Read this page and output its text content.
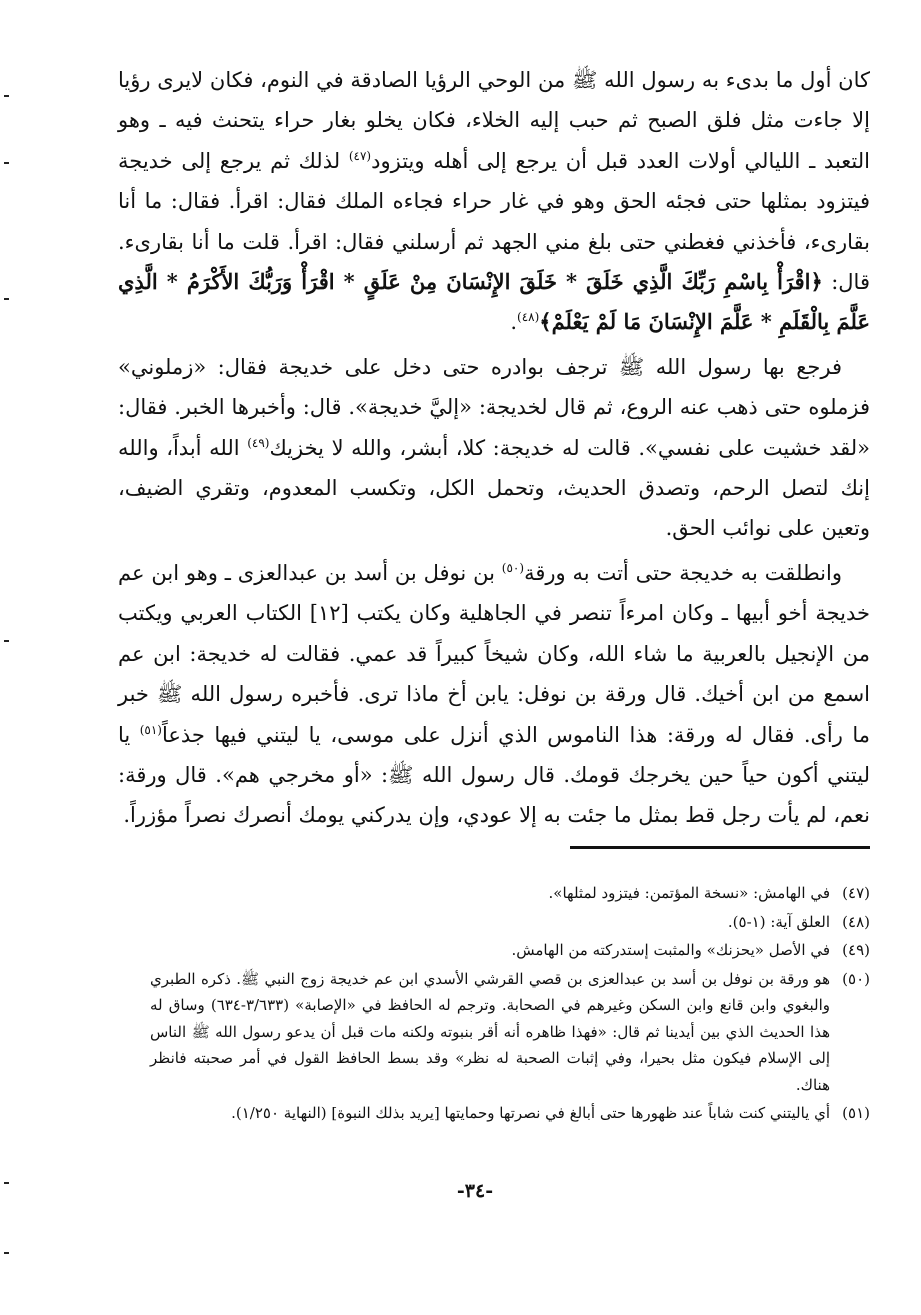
كان أول ما بدىء به رسول الله ﷺ من الوحي الرؤيا الصادقة في النوم، فكان لايرى رؤيا إلا جاءت مثل فلق الصبح ثم حبب إليه الخلاء، فكان يخلو بغار حراء يتحنث فيه ـ وهو التعبد ـ الليالي أولات العدد قبل أن يرجع إلى أهله ويتزود$^{(٤٧)}$ لذلك ثم يرجع إلى خديجة فيتزود بمثلها حتى فجئه الحق وهو في غار حراء فجاءه الملك فقال: اقرأ. فقال: ما أنا بقارىء، فأخذني فغطني حتى بلغ مني الجهد ثم أرسلني فقال: اقرأ. قلت ما أنا بقارىء. قال: ﴿اقْرَأْ بِاسْمِ رَبِّكَ الَّذِي خَلَقَ * خَلَقَ الإِنْسَانَ مِنْ عَلَقٍ * اقْرَأْ وَرَبُّكَ الأَكْرَمُ * الَّذِي عَلَّمَ بِالْقَلَمِ * عَلَّمَ الإِنْسَانَ مَا لَمْ يَعْلَمْ﴾$^{(٤٨)}$.

فرجع بها رسول الله ﷺ ترجف بوادره حتى دخل على خديجة فقال: «زملوني» فزملوه حتى ذهب عنه الروع، ثم قال لخديجة: «إليَّ خديجة». قال: وأخبرها الخبر. فقال: «لقد خشيت على نفسي». قالت له خديجة: كلا، أبشر، والله لا يخزيك$^{(٤٩)}$ الله أبداً، والله إنك لتصل الرحم، وتصدق الحديث، وتحمل الكل، وتكسب المعدوم، وتقري الضيف، وتعين على نوائب الحق.

وانطلقت به خديجة حتى أتت به ورقة$^{(٥٠)}$ بن نوفل بن أسد بن عبدالعزى ـ وهو ابن عم خديجة أخو أبيها ـ وكان امرءاً تنصر في الجاهلية وكان يكتب [١٢] الكتاب العربي ويكتب من الإنجيل بالعربية ما شاء الله، وكان شيخاً كبيراً قد عمي. فقالت له خديجة: ابن عم اسمع من ابن أخيك. قال ورقة بن نوفل: يابن أخ ماذا ترى. فأخبره رسول الله ﷺ خبر ما رأى. فقال له ورقة: هذا الناموس الذي أنزل على موسى، يا ليتني فيها جذعاً$^{(٥١)}$ يا ليتني أكون حياً حين يخرجك قومك. قال رسول الله ﷺ: «أو مخرجي هم». قال ورقة: نعم، لم يأت رجل قط بمثل ما جئت به إلا عودي، وإن يدركني يومك أنصرك نصراً مؤزراً.

(٤٧)
في الهامش: «نسخة المؤتمن: فيتزود لمثلها».
(٤٨)
العلق آية: (١-٥).
(٤٩)
في الأصل «يحزنك» والمثبت إستدركته من الهامش.
(٥٠)
هو ورقة بن نوفل بن أسد بن عبدالعزى بن قصي القرشي الأسدي ابن عم خديجة زوج النبي ﷺ. ذكره الطبري والبغوي وابن قانع وابن السكن وغيرهم في الصحابة. وترجم له الحافظ في «الإصابة» (٣/٦٣٣-٦٣٤) وساق له هذا الحديث الذي بين أيدينا ثم قال: «فهذا ظاهره أنه أقر بنبوته ولكنه مات قبل أن يدعو رسول الله ﷺ الناس إلى الإسلام فيكون مثل بحيرا، وفي إثبات الصحبة له نظر» وقد بسط الحافظ القول في أمر صحبته فانظر هناك.
(٥١)
أي ياليتني كنت شاباً عند ظهورها حتى أبالغ في نصرتها وحمايتها [يريد بذلك النبوة] (النهاية ١/٢٥٠).
-٣٤-
